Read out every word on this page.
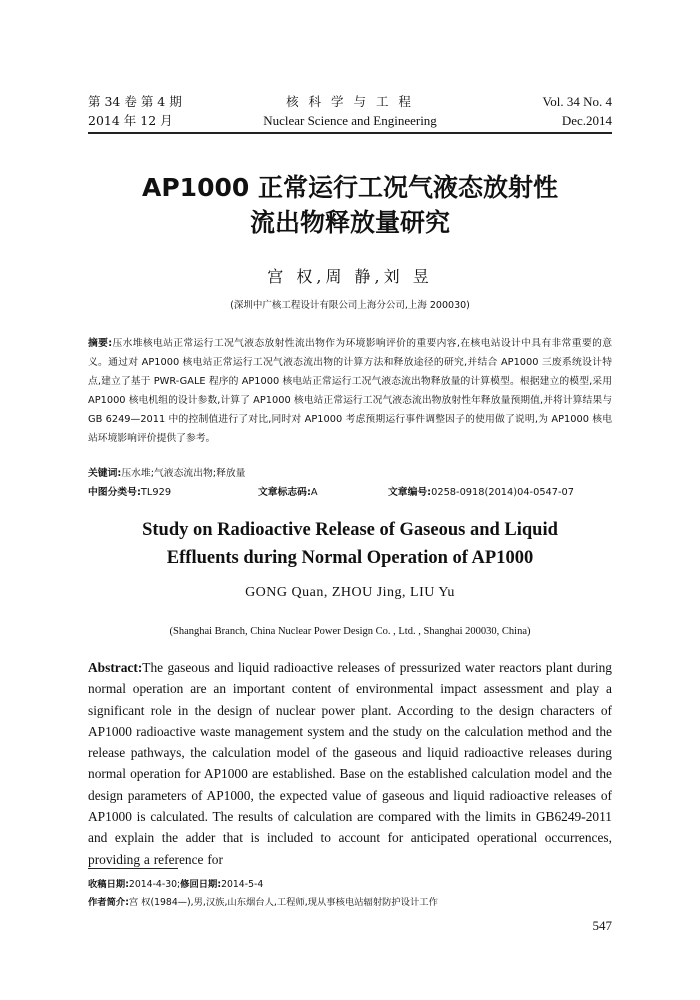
第 34 卷 第 4 期
2014 年 12 月
核 科 学 与 工 程
Nuclear Science and Engineering
Vol. 34 No. 4
Dec.2014
AP1000 正常运行工况气液态放射性
流出物释放量研究
宫 权,周 静,刘 昱
(深圳中广核工程设计有限公司上海分公司,上海 200030)
摘要:压水堆核电站正常运行工况气液态放射性流出物作为环境影响评价的重要内容,在核电站设计中具有非常重要的意义。通过对 AP1000 核电站正常运行工况气液态流出物的计算方法和释放途径的研究,并结合 AP1000 三废系统设计特点,建立了基于 PWR-GALE 程序的 AP1000 核电站正常运行工况气液态流出物释放量的计算模型。根据建立的模型,采用 AP1000 核电机组的设计参数,计算了 AP1000 核电站正常运行工况气液态流出物放射性年释放量预期值,并将计算结果与 GB 6249—2011 中的控制值进行了对比,同时对 AP1000 考虑预期运行事件调整因子的使用做了说明,为 AP1000 核电站环境影响评价提供了参考。
关键词:压水堆;气液态流出物;释放量
中图分类号:TL929	文章标志码:A	文章编号:0258-0918(2014)04-0547-07
Study on Radioactive Release of Gaseous and Liquid
Effluents during Normal Operation of AP1000
GONG Quan, ZHOU Jing, LIU Yu
(Shanghai Branch, China Nuclear Power Design Co. , Ltd. , Shanghai 200030, China)
Abstract:The gaseous and liquid radioactive releases of pressurized water reactors plant during normal operation are an important content of environmental impact assessment and play a significant role in the design of nuclear power plant. According to the design characters of AP1000 radioactive waste management system and the study on the calculation method and the release pathways, the calculation model of the gaseous and liquid radioactive releases during normal operation for AP1000 are established. Base on the established calculation model and the design parameters of AP1000, the expected value of gaseous and liquid radioactive releases of AP1000 is calculated. The results of calculation are compared with the limits in GB6249-2011 and explain the adder that is included to account for anticipated operational occurrences, providing a reference for
收稿日期:2014-4-30;修回日期:2014-5-4
作者简介:宫 权(1984—),男,汉族,山东烟台人,工程师,现从事核电站辐射防护设计工作
547
